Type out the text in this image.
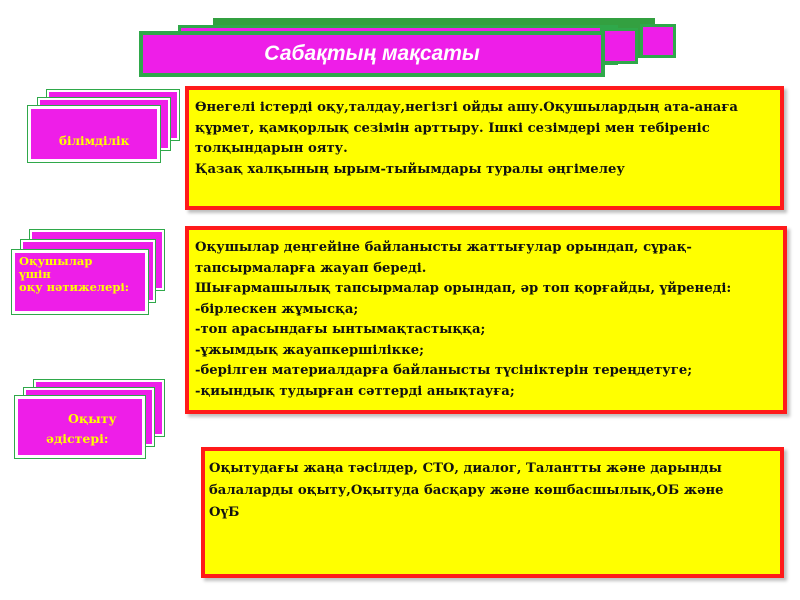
Сабақтың мақсаты
білімділік
Оқушылар
үшін
оқу нәтижелері:
Оқыту
әдістері:
Өнегелі істерді оқу,талдау,негізгі ойды ашу.Оқушылардың ата-анаға
құрмет, қамқорлық сезімін арттыру. Ішкі сезімдері мен тебіреніс
толқындарын ояту.
Қазақ халқының ырым-тыйымдары туралы әңгімелеу
Оқушылар деңгейіне байланысты жаттығулар орындап, сұрақ-
тапсырмаларға жауап береді.
Шығармашылық тапсырмалар орындап, әр топ қорғайды, үйренеді:
-бірлескен жұмысқа;
-топ арасындағы ынтымақтастыққа;
-ұжымдық жауапкершілікке;
-берілген материалдарға байланысты түсініктерін тереңдетуге;
-қиындық тудырған сәттерді анықтауға;
Оқытудағы жаңа тәсілдер, СТО, диалог, Талантты және дарынды
балаларды оқыту,Оқытуда басқару және көшбасшылық,ОБ және
ОүБ
